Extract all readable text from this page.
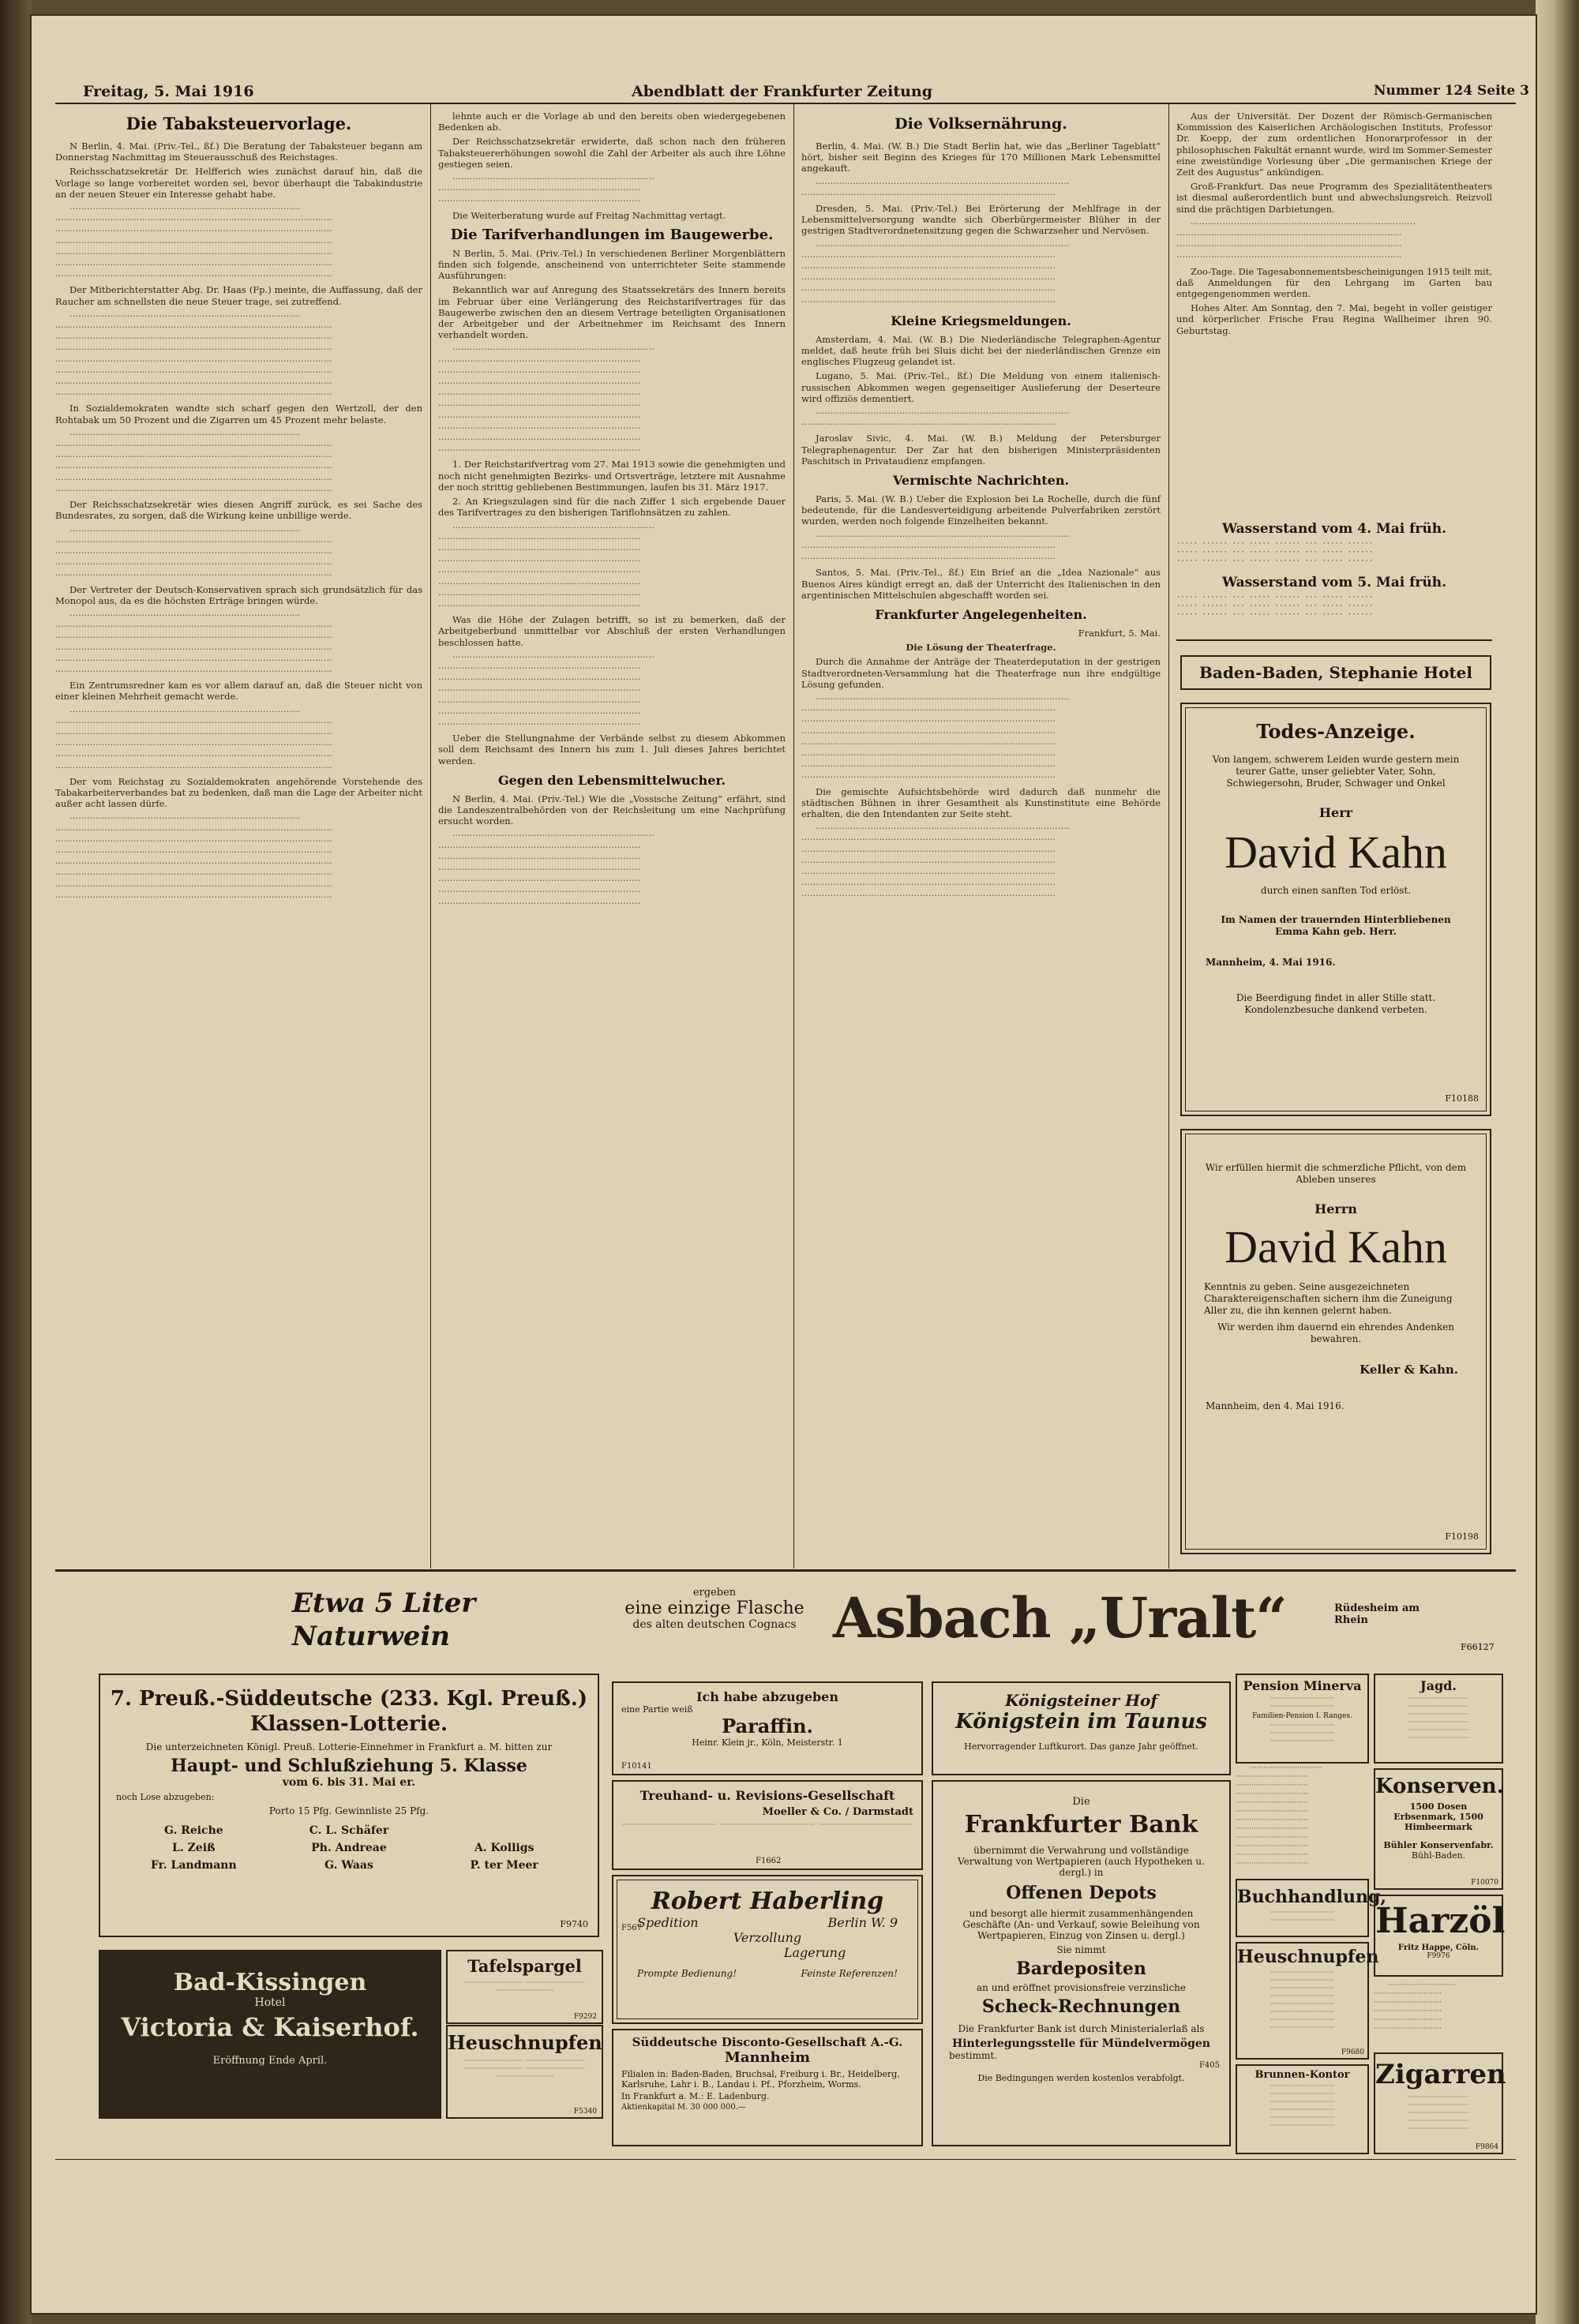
Freitag, 5. Mai 1916	Abendblatt der Frankfurter Zeitung	Nummer 124 Seite 3
Die Tabaksteuervorlage.

N Berlin, 4. Mai. (Priv.-Tel., ßf.) Die Beratung der Tabaksteuer begann am Donnerstag Nachmittag im Steuerausschuß des Reichstages.

Reichsschatzsekretär Dr. Helfferich wies zunächst darauf hin, daß die Vorlage so lange vorbereitet worden sei, bevor überhaupt die Tabakindustrie an der neuen Steuer ein Interesse gehabt habe.

················································································ ································································································ ································································································ ································································································ ································································································ ································································································ ································································································

Der Mitberichterstatter Abg. Dr. Haas (Fp.) meinte, die Auffassung, daß der Raucher am schnellsten die neue Steuer trage, sei zutreffend.

················································································ ································································································ ································································································ ································································································ ································································································ ································································································ ································································································ ································································································

In Sozialdemokraten wandte sich scharf gegen den Wertzoll, der den Rohtabak um 50 Prozent und die Zigarren um 45 Prozent mehr belaste.

················································································ ································································································ ································································································ ································································································ ································································································ ································································································

Der Reichsschatzsekretär wies diesen Angriff zurück, es sei Sache des Bundesrates, zu sorgen, daß die Wirkung keine unbillige werde.

················································································ ································································································ ································································································ ································································································ ································································································

Der Vertreter der Deutsch-Konservativen sprach sich grundsätzlich für das Monopol aus, da es die höchsten Erträge bringen würde.

················································································ ································································································ ································································································ ································································································ ································································································ ································································································

Ein Zentrumsredner kam es vor allem darauf an, daß die Steuer nicht von einer kleinen Mehrheit gemacht werde.

················································································ ································································································ ································································································ ································································································ ································································································ ································································································

Der vom Reichstag zu Sozialdemokraten angehörende Vorstehende des Tabakarbeiterverbandes bat zu bedenken, daß man die Lage der Arbeiter nicht außer acht lassen dürfe.

················································································ ································································································ ································································································ ································································································ ································································································ ································································································ ································································································ ································································································

lehnte auch er die Vorlage ab und den bereits oben wiedergegebenen Bedenken ab.

Der Reichsschatzsekretär erwiderte, daß schon nach den früheren Tabaksteuererhöhungen sowohl die Zahl der Arbeiter als auch ihre Löhne gestiegen seien.

······································································ ······································································ ······································································

Die Weiterberatung wurde auf Freitag Nachmittag vertagt.

Die Tarifverhandlungen im Baugewerbe.

N Berlin, 5. Mai. (Priv.-Tel.) In verschiedenen Berliner Morgenblättern finden sich folgende, anscheinend von unterrichteter Seite stammende Ausführungen:

Bekanntlich war auf Anregung des Staatssekretärs des Innern bereits im Februar über eine Verlängerung des Reichstarifvertrages für das Baugewerbe zwischen den an diesem Vertrage beteiligten Organisationen der Arbeitgeber und der Arbeitnehmer im Reichsamt des Innern verhandelt worden.

······································································ ······································································ ······································································ ······································································ ······································································ ······································································ ······································································ ······································································ ······································································ ······································································

1. Der Reichstarifvertrag vom 27. Mai 1913 sowie die genehmigten und noch nicht genehmigten Bezirks- und Ortsverträge, letztere mit Ausnahme der noch strittig gebliebenen Bestimmungen, laufen bis 31. März 1917.

2. An Kriegszulagen sind für die nach Ziffer 1 sich ergebende Dauer des Tarifvertrages zu den bisherigen Tariflohnsätzen zu zahlen.

······································································ ······································································ ······································································ ······································································ ······································································ ······································································ ······································································ ······································································

Was die Höhe der Zulagen betrifft, so ist zu bemerken, daß der Arbeitgeberbund unmittelbar vor Abschluß der ersten Verhandlungen beschlossen hatte.

······································································ ······································································ ······································································ ······································································ ······································································ ······································································ ······································································

Ueber die Stellungnahme der Verbände selbst zu diesem Abkommen soll dem Reichsamt des Innern bis zum 1. Juli dieses Jahres berichtet werden.

Gegen den Lebensmittelwucher.

N Berlin, 4. Mai. (Priv.-Tel.) Wie die „Vossische Zeitung“ erfährt, sind die Landeszentralbehörden von der Reichsleitung um eine Nachprüfung ersucht worden.

······································································ ······································································ ······································································ ······································································ ······································································ ······································································ ······································································

Die Volksernährung.

Berlin, 4. Mai. (W. B.) Die Stadt Berlin hat, wie das „Berliner Tageblatt“ hört, bisher seit Beginn des Krieges für 170 Millionen Mark Lebensmittel angekauft.

························································································ ························································································

Dresden, 5. Mai. (Priv.-Tel.) Bei Erörterung der Mehlfrage in der Lebensmittelversorgung wandte sich Oberbürgermeister Blüher in der gestrigen Stadtverordnetensitzung gegen die Schwarzseher und Nervösen.

························································································ ························································································ ························································································ ························································································ ························································································ ························································································

Kleine Kriegsmeldungen.

Amsterdam, 4. Mai. (W. B.) Die Niederländische Telegraphen-Agentur meldet, daß heute früh bei Sluis dicht bei der niederländischen Grenze ein englisches Flugzeug gelandet ist.

Lugano, 5. Mai. (Priv.-Tel., ßf.) Die Meldung von einem italienisch-russischen Abkommen wegen gegenseitiger Auslieferung der Deserteure wird offiziös dementiert.

························································································ ························································································

Jaroslav Sivic, 4. Mai. (W. B.) Meldung der Petersburger Telegraphenagentur. Der Zar hat den bisherigen Ministerpräsidenten Paschitsch in Privataudienz empfangen.

Vermischte Nachrichten.

Paris, 5. Mai. (W. B.) Ueber die Explosion bei La Rochelle, durch die fünf bedeutende, für die Landesverteidigung arbeitende Pulverfabriken zerstört wurden, werden noch folgende Einzelheiten bekannt.

························································································ ························································································ ························································································

Santos, 5. Mai. (Priv.-Tel., ßf.) Ein Brief an die „Idea Nazionale“ aus Buenos Aires kündigt erregt an, daß der Unterricht des Italienischen in den argentinischen Mittelschulen abgeschafft worden sei.

Frankfurter Angelegenheiten.
Frankfurt, 5. Mai.
Die Lösung der Theaterfrage.

Durch die Annahme der Anträge der Theaterdeputation in der gestrigen Stadtverordneten-Versammlung hat die Theaterfrage nun ihre endgültige Lösung gefunden.

························································································ ························································································ ························································································ ························································································ ························································································ ························································································ ························································································ ························································································

Die gemischte Aufsichtsbehörde wird dadurch daß nunmehr die städtischen Bühnen in ihrer Gesamtheit als Kunstinstitute eine Behörde erhalten, die den Intendanten zur Seite steht.

························································································ ························································································ ························································································ ························································································ ························································································ ························································································ ························································································

Aus der Universität. Der Dozent der Römisch-Germanischen Kommission des Kaiserlichen Archäologischen Instituts, Professor Dr. Koepp, der zum ordentlichen Honorarprofessor in der philosophischen Fakultät ernannt wurde, wird im Sommer-Semester eine zweistündige Vorlesung über „Die germanischen Kriege der Zeit des Augustus“ ankündigen.

Groß-Frankfurt. Das neue Programm des Spezialitätentheaters ist diesmal außerordentlich bunt und abwechslungsreich. Reizvoll sind die prächtigen Darbietungen.

·············································································· ·············································································· ·············································································· ··············································································

Zoo-Tage. Die Tagesabonnementsbescheinigungen 1915 teilt mit, daß Anmeldungen für den Lehrgang im Garten bau entgegengenommen werden.

Hohes Alter. Am Sonntag, den 7. Mai, begeht in voller geistiger und körperlicher Frische Frau Regina Wallheimer ihren 90. Geburtstag.

Wasserstand vom 4. Mai früh.
····· ······ ··· ····· ······ ··· ····· ······
····· ······ ··· ····· ······ ··· ····· ······
····· ······ ··· ····· ······ ··· ····· ······
Wasserstand vom 5. Mai früh.
····· ······ ··· ····· ······ ··· ····· ······
····· ······ ··· ····· ······ ··· ····· ······
····· ······ ··· ····· ······ ··· ····· ······
Baden-Baden, Stephanie Hotel
Todes-Anzeige.
Von langem, schwerem Leiden wurde gestern mein teurer Gatte, unser geliebter Vater, Sohn, Schwiegersohn, Bruder, Schwager und Onkel
Herr
David Kahn
durch einen sanften Tod erlöst.
Im Namen der trauernden Hinterbliebenen
Emma Kahn geb. Herr.
Mannheim, 4. Mai 1916.
Die Beerdigung findet in aller Stille statt.
Kondolenzbesuche dankend verbeten.
F10188
Wir erfüllen hiermit die schmerzliche Pflicht, von dem Ableben unseres
Herrn
David Kahn
Kenntnis zu geben. Seine ausgezeichneten Charaktereigenschaften sichern ihm die Zuneigung Aller zu, die ihn kennen gelernt haben.
Wir werden ihm dauernd ein ehrendes Andenken bewahren.
Keller & Kahn.
Mannheim, den 4. Mai 1916.
F10198
Etwa 5 Liter Naturwein
ergeben
eine einzige Flasche
des alten deutschen Cognacs Asbach „Uralt“	Rüdesheim am Rhein
F66127
7. Preuß.-Süddeutsche (233. Kgl. Preuß.) Klassen-Lotterie.
Die unterzeichneten Königl. Preuß. Lotterie-Einnehmer in Frankfurt a. M. bitten zur
Haupt- und Schlußziehung 5. Klasse
vom 6. bis 31. Mai er.
noch Lose abzugeben:
Porto 15 Pfg. Gewinnliste 25 Pfg.
G. Reiche	C. L. Schäfer
L. Zeiß	Ph. Andreae	A. Kolligs
Fr. Landmann	G. Waas	P. ter Meer
F9740
Bad-Kissingen
Hotel
Victoria & Kaiserhof.
Eröffnung Ende April.
Tafelspargel
····························· ····························· ·····························
F9292
Heuschnupfen
····························· ····························· ····························· ····························· ·····························
F5340
Ich habe abzugeben
eine Partie weiß
Paraffin.
Heinr. Klein jr., Köln, Meisterstr. 1
F10141
Treuhand- u. Revisions-Gesellschaft
Moeller & Co. / Darmstadt
··············································· ··············································· ···············································
F1662
Robert Haberling
Spedition	Berlin W. 9
Verzollung
Lagerung
Prompte Bedienung!	Feinste Referenzen!
F567
Süddeutsche Disconto-Gesellschaft A.-G.
Mannheim
Filialen in: Baden-Baden, Bruchsal, Freiburg i. Br., Heidelberg, Karlsruhe, Lahr i. B., Landau i. Pf., Pforzheim, Worms.
In Frankfurt a. M.: E. Ladenburg.
Aktienkapital M. 30 000 000.—
Königsteiner Hof
Königstein im Taunus
Hervorragender Luftkurort. Das ganze Jahr geöffnet.
Die
Frankfurter Bank
übernimmt die Verwahrung und vollständige Verwaltung von Wertpapieren (auch Hypotheken u. dergl.) in
Offenen Depots
und besorgt alle hiermit zusammenhängenden Geschäfte (An- und Verkauf, sowie Beleihung von Wertpapieren, Einzug von Zinsen u. dergl.)
Sie nimmt
Bardepositen
an und eröffnet provisionsfreie verzinsliche
Scheck-Rechnungen
Die Frankfurter Bank ist durch Ministerialerlaß als
Hinterlegungsstelle für Mündelvermögen
bestimmt.
F405
Die Bedingungen werden kostenlos verabfolgt.
Pension Minerva
································ ································
Familien-Pension I. Ranges.
································ ································ ································

································ ································ ································ ································ ································ ································ ································ ································ ································ ································ ································ ································

Buchhandlung,
································ ································
Heuschnupfen
································ ································ ································ ································ ································ ································ ································ ································
F9680
Brunnen-Kontor
································ ································ ································ ································ ································ ································
Jagd.
······························ ······························ ······························ ······························ ······························ ······························
Konserven.
1500 Dosen Erbsenmark, 1500 Himbeermark
Bühler Konservenfabr.
Bühl-Baden.
F10070
Harzöl
Fritz Happe, Cöln.
F9976

······························ ······························ ······························ ······························ ······························ ······························

Zigarren
······························ ······························ ······························ ······························ ······························
F9864
